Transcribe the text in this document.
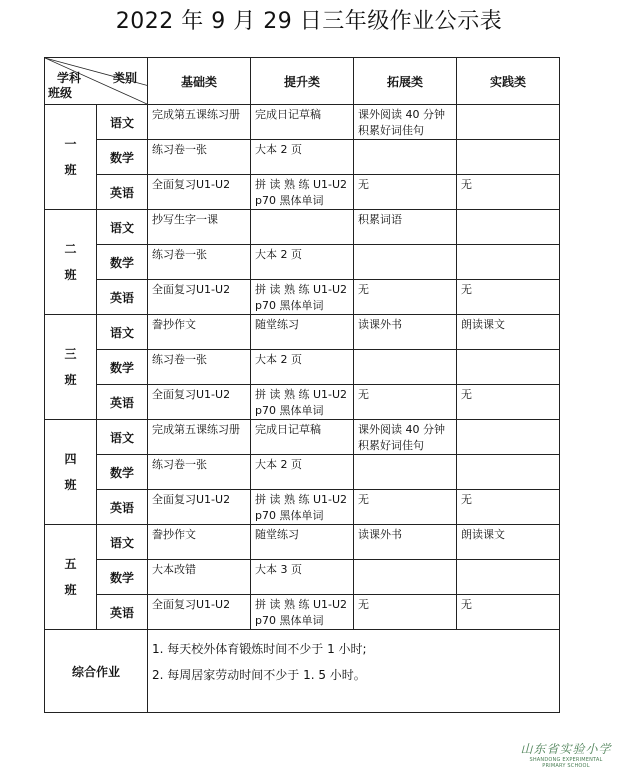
2022 年 9 月 29 日三年级作业公示表
学科 类别
班级		基础类	提升类	拓展类	实践类
一
班	语文	完成第五课练习册	完成日记草稿	课外阅读 40 分钟积累好词佳句	
	数学	练习卷一张	大本 2 页		
	英语	全面复习U1-U2	拼 读 熟 练 U1-U2 p70 黑体单词	无	无
二
班	语文	抄写生字一课		积累词语	
	数学	练习卷一张	大本 2 页		
	英语	全面复习U1-U2	拼 读 熟 练 U1-U2 p70 黑体单词	无	无
三
班	语文	誊抄作文	随堂练习	读课外书	朗读课文
	数学	练习卷一张	大本 2 页		
	英语	全面复习U1-U2	拼 读 熟 练 U1-U2 p70 黑体单词	无	无
四
班	语文	完成第五课练习册	完成日记草稿	课外阅读 40 分钟积累好词佳句	
	数学	练习卷一张	大本 2 页		
	英语	全面复习U1-U2	拼 读 熟 练 U1-U2 p70 黑体单词	无	无
五
班	语文	誊抄作文	随堂练习	读课外书	朗读课文
	数学	大本改错	大本 3 页		
	英语	全面复习U1-U2	拼 读 熟 练 U1-U2 p70 黑体单词	无	无
综合作业		1. 每天校外体育锻炼时间不少于 1 小时;
2. 每周居家劳动时间不少于 1. 5 小时。			
山东省实验小学
SHANDONG EXPERIMENTAL PRIMARY SCHOOL
